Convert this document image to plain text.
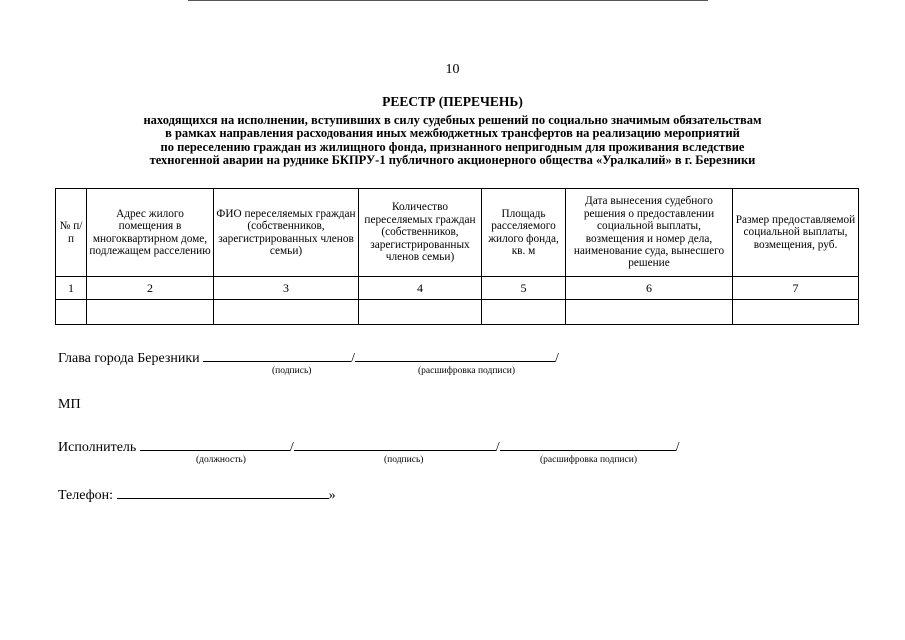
10
РЕЕСТР (ПЕРЕЧЕНЬ)
находящихся на исполнении, вступивших в силу судебных решений по социально значимым обязательствам
в рамках направления расходования иных межбюджетных трансфертов на реализацию мероприятий
по переселению граждан из жилищного фонда, признанного непригодным для проживания вследствие
техногенной аварии на руднике БКПРУ-1 публичного акционерного общества «Уралкалий» в г. Березники
№ п/п	Адрес жилого помещения в многоквартирном доме, подлежащем расселению	ФИО переселяемых граждан (собственников, зарегистрированных членов семьи)	Количество переселяемых граждан (собственников, зарегистрированных членов семьи)	Площадь расселяемого жилого фонда, кв. м	Дата вынесения судебного решения о предоставлении социальной выплаты, возмещения и номер дела, наименование суда, вынесшего решение	Размер предоставляемой социальной выплаты, возмещения, руб.
1	2	3	4	5	6	7

Глава города Березники	/	/
(подпись)	(расшифровка подписи)
МП
Исполнитель	/	/	/
(должность)	(подпись)	(расшифровка подписи)
Телефон:	»
